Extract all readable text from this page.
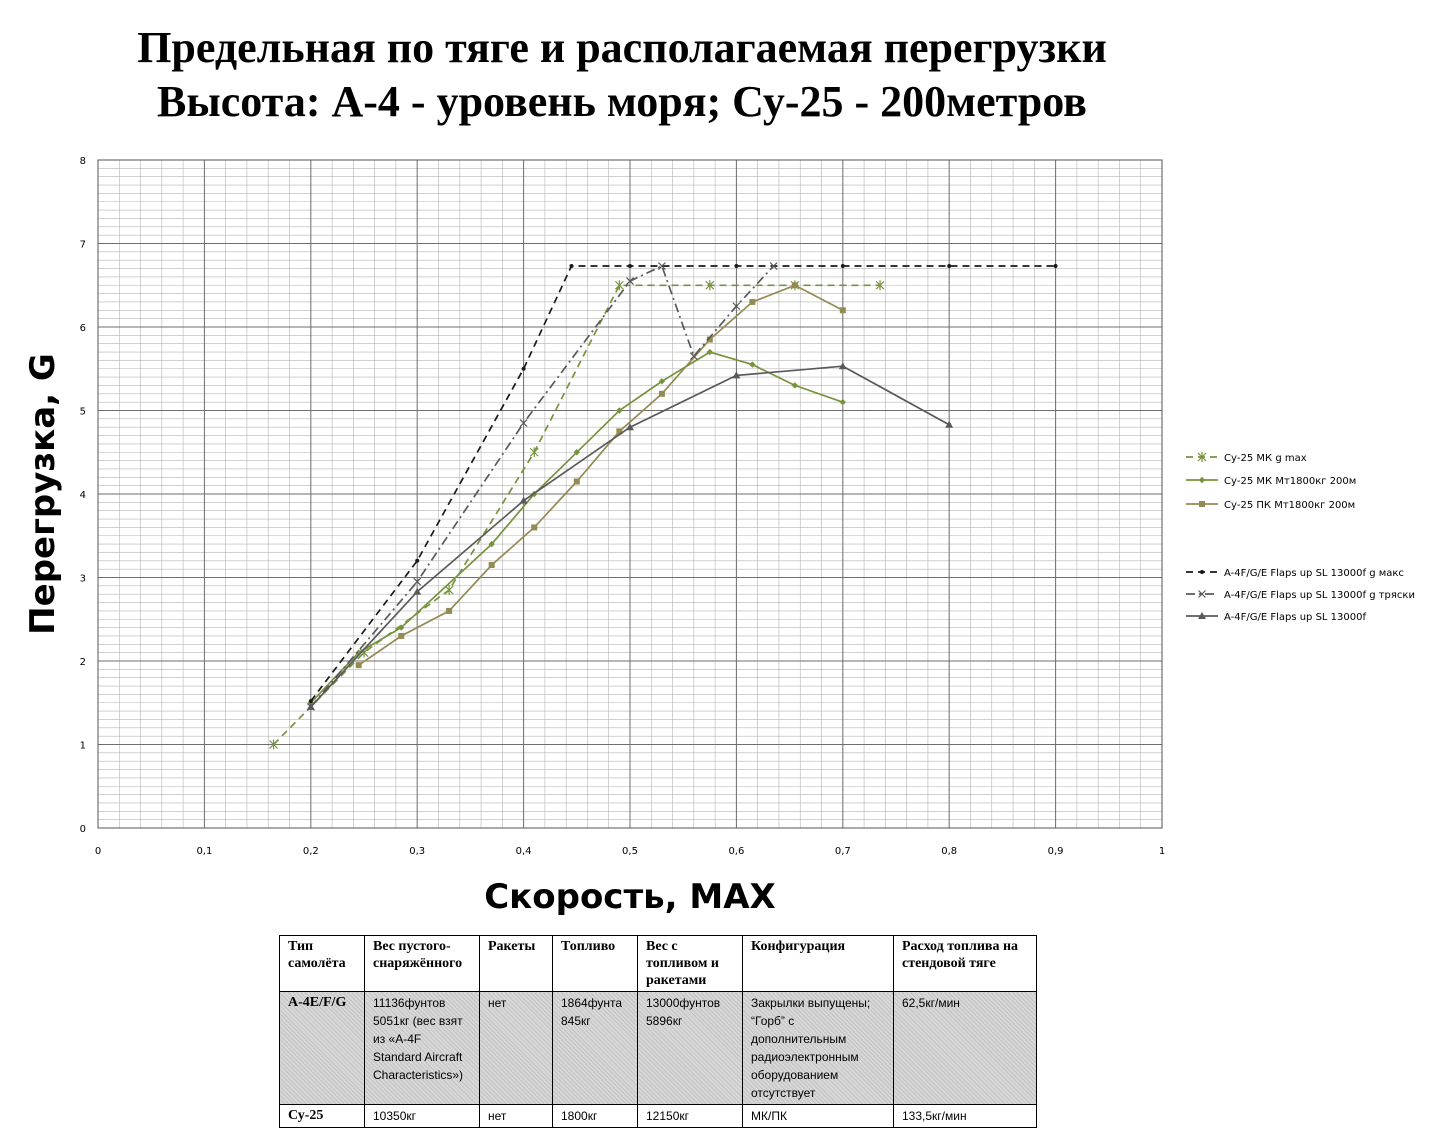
Предельная по тяге и располагаемая перегрузки
Высота: А-4 - уровень моря; Су-25 - 200метров
0
1
2
3
4
5
6
7
8
0	0,1	0,2	0,3	0,4	0,5	0,6	0,7	0,8	0,9	1
Су-25 МК g max
Су-25 МК Мт1800кг 200м
Су-25 ПК Мт1800кг 200м
A-4F/G/E Flaps up SL 13000f g макс
A-4F/G/E Flaps up SL 13000f g тряски
A-4F/G/E Flaps up SL 13000f
Перегрузка, G
Скорость, МАХ
Тип самолёта	Вес пустого-снаряжённого	Ракеты	Топливо	Вес с топливом и ракетами	Конфигурация	Расход топлива на стендовой тяге
A-4E/F/G	11136фунтов 5051кг (вес взят из «A-4F Standard Aircraft Characteristics»)	нет	1864фунта 845кг	13000фунтов 5896кг	Закрылки выпущены; “Горб” с дополнительным радиоэлектронным оборудованием отсутствует	62,5кг/мин
Су-25	10350кг	нет	1800кг	12150кг	МК/ПК	133,5кг/мин
